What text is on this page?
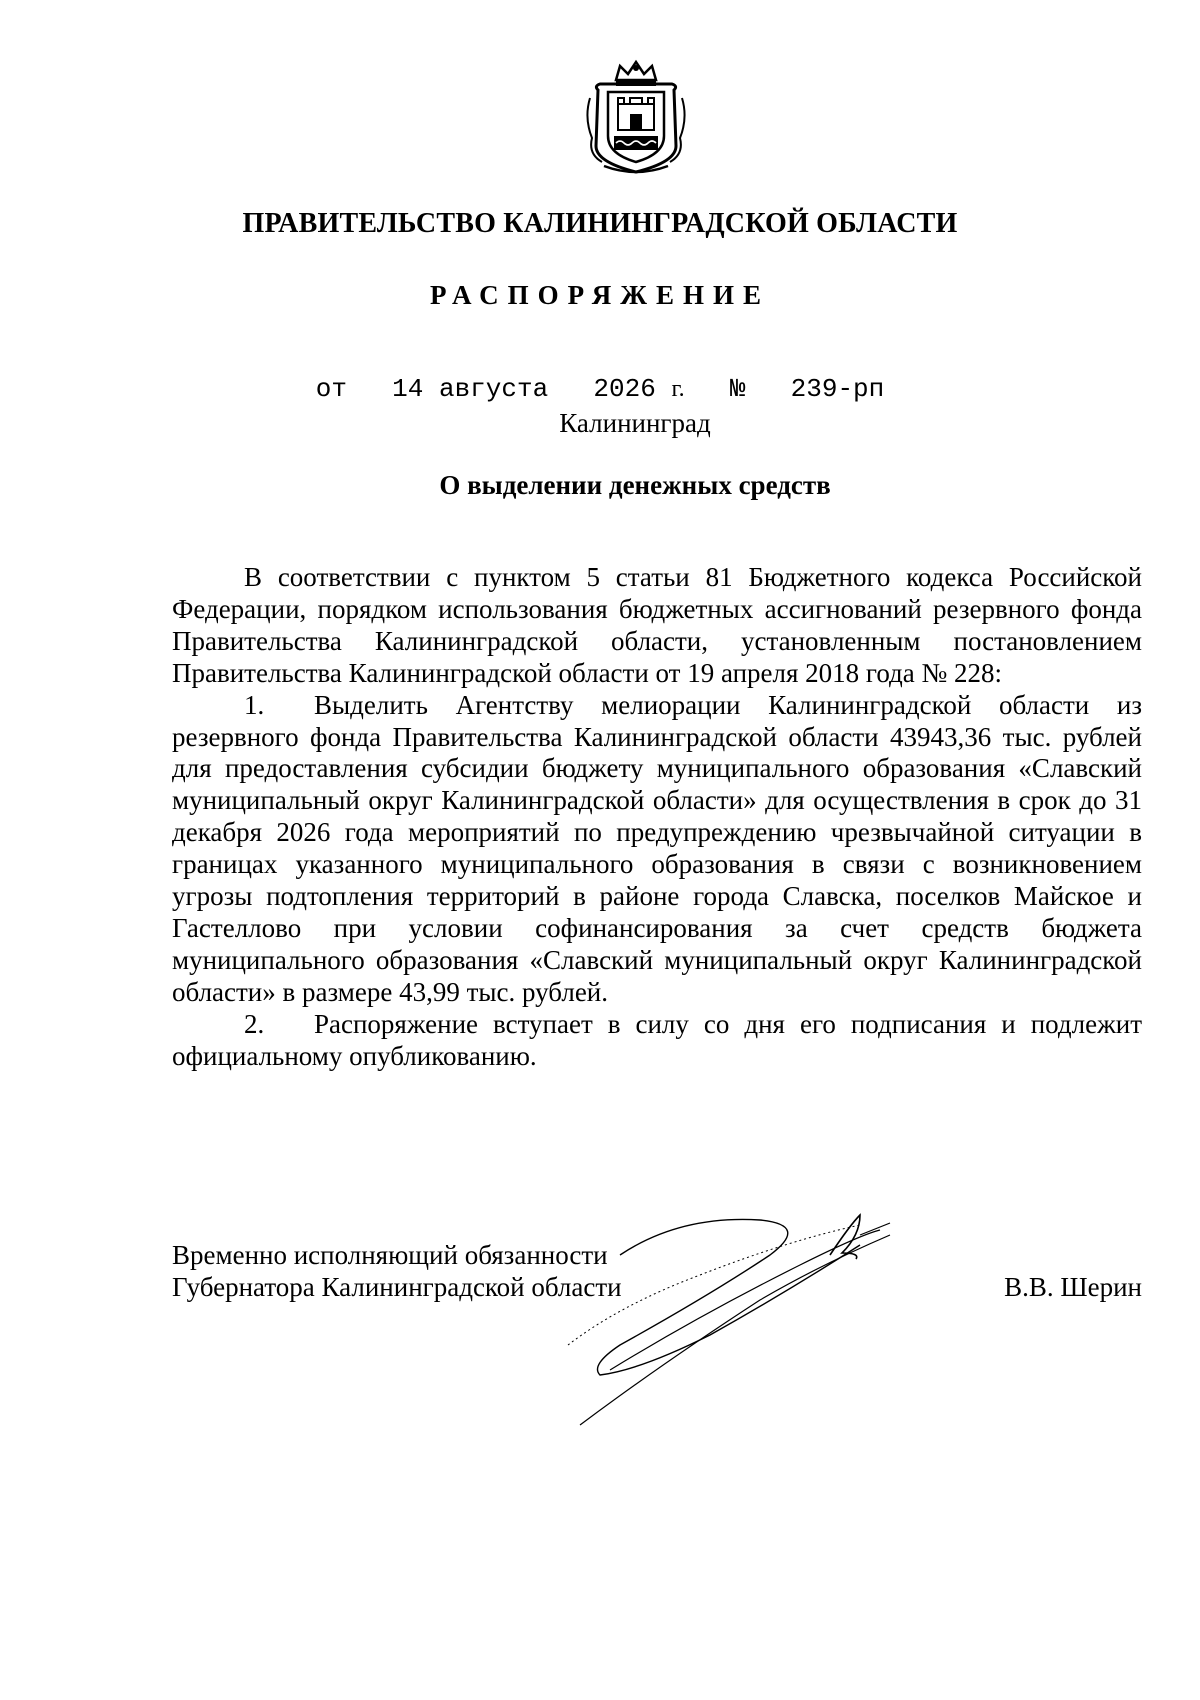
ПРАВИТЕЛЬСТВО КАЛИНИНГРАДСКОЙ ОБЛАСТИ
РАСПОРЯЖЕНИЕ
от 14 августа 2026 г. № 239-рп
Калининград
О выделении денежных средств

В соответствии с пунктом 5 статьи 81 Бюджетного кодекса Российской Федерации, порядком использования бюджетных ассигнований резервного фонда Правительства Калининградской области, установленным постановлением Правительства Калининградской области от 19 апреля 2018 года № 228:

1. Выделить Агентству мелиорации Калининградской области из резервного фонда Правительства Калининградской области 43943,36 тыс. рублей для предоставления субсидии бюджету муниципального образования «Славский муниципальный округ Калининградской области» для осуществления в срок до 31 декабря 2026 года мероприятий по предупреждению чрезвычайной ситуации в границах указанного муниципального образования в связи с возникновением угрозы подтопления территорий в районе города Славска, поселков Майское и Гастеллово при условии софинансирования за счет средств бюджета муниципального образования «Славский муниципальный округ Калининградской области» в размере 43,99 тыс. рублей.

2. Распоряжение вступает в силу со дня его подписания и подлежит официальному опубликованию.

Временно исполняющий обязанности
Губернатора Калининградской области	В.В. Шерин
